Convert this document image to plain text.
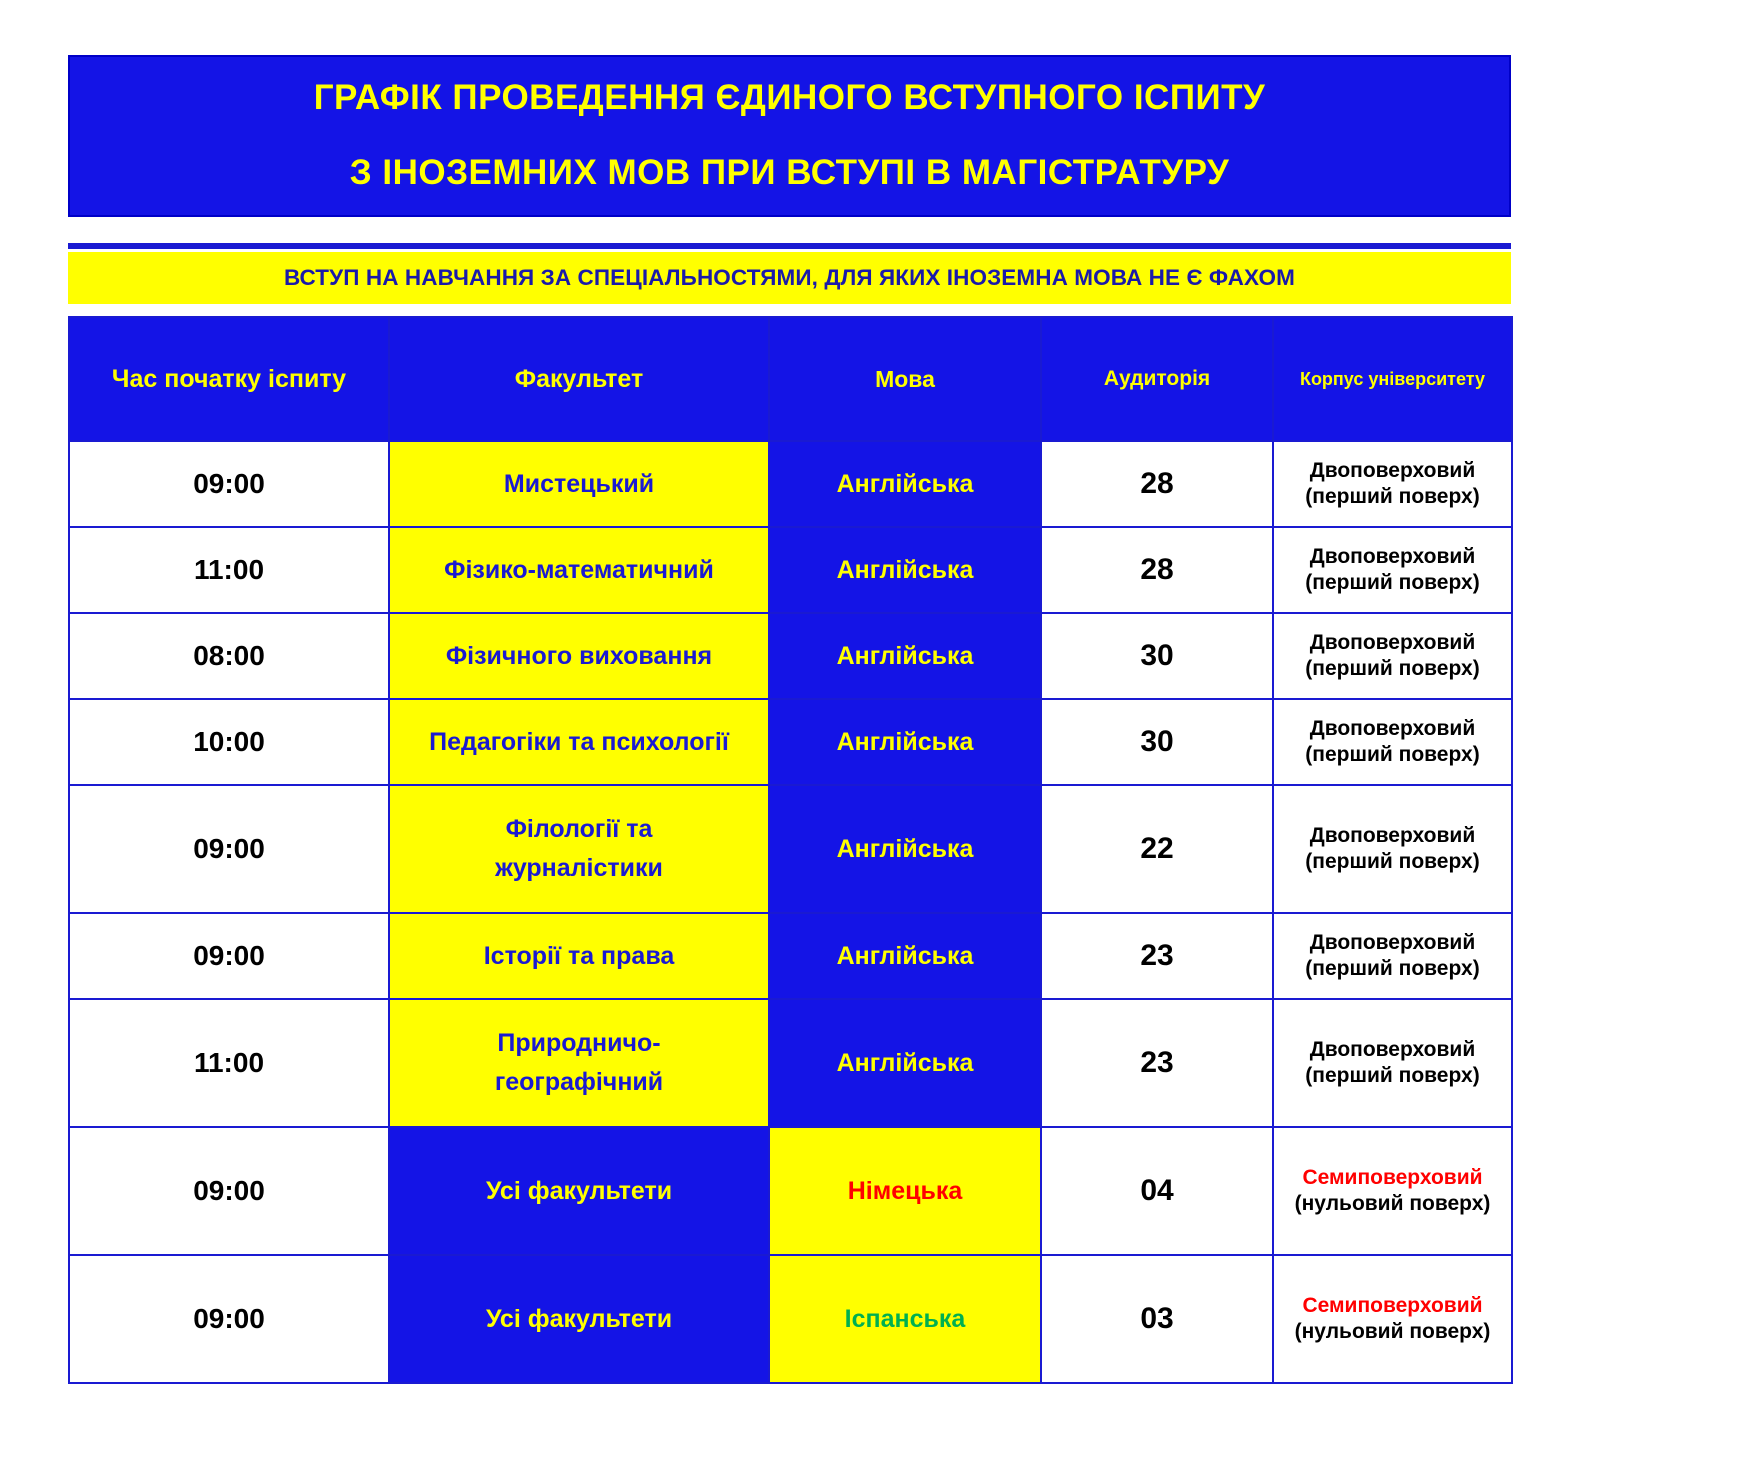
ГРАФІК ПРОВЕДЕННЯ ЄДИНОГО ВСТУПНОГО ІСПИТУ
З ІНОЗЕМНИХ МОВ ПРИ ВСТУПІ В МАГІСТРАТУРУ
ВСТУП НА НАВЧАННЯ ЗА СПЕЦІАЛЬНОСТЯМИ, ДЛЯ ЯКИХ ІНОЗЕМНА МОВА НЕ Є ФАХОМ
Час початку іспиту	Факультет	Мова	Аудиторія	Корпус університету
09:00	Мистецький	Англійська	28	Двоповерховий
(перший поверх)

11:00	Фізико-математичний	Англійська	28	Двоповерховий
(перший поверх)

08:00	Фізичного виховання	Англійська	30	Двоповерховий
(перший поверх)

10:00	Педагогіки та психології	Англійська	30	Двоповерховий
(перший поверх)

09:00	Філології та
журналістики	Англійська	22	Двоповерховий
(перший поверх)

09:00	Історії та права	Англійська	23	Двоповерховий
(перший поверх)

11:00	Природничо-
географічний	Англійська	23	Двоповерховий
(перший поверх)

09:00	Усі факультети	Німецька	04	Семиповерховий
(нульовий поверх)

09:00	Усі факультети	Іспанська	03	Семиповерховий
(нульовий поверх)
